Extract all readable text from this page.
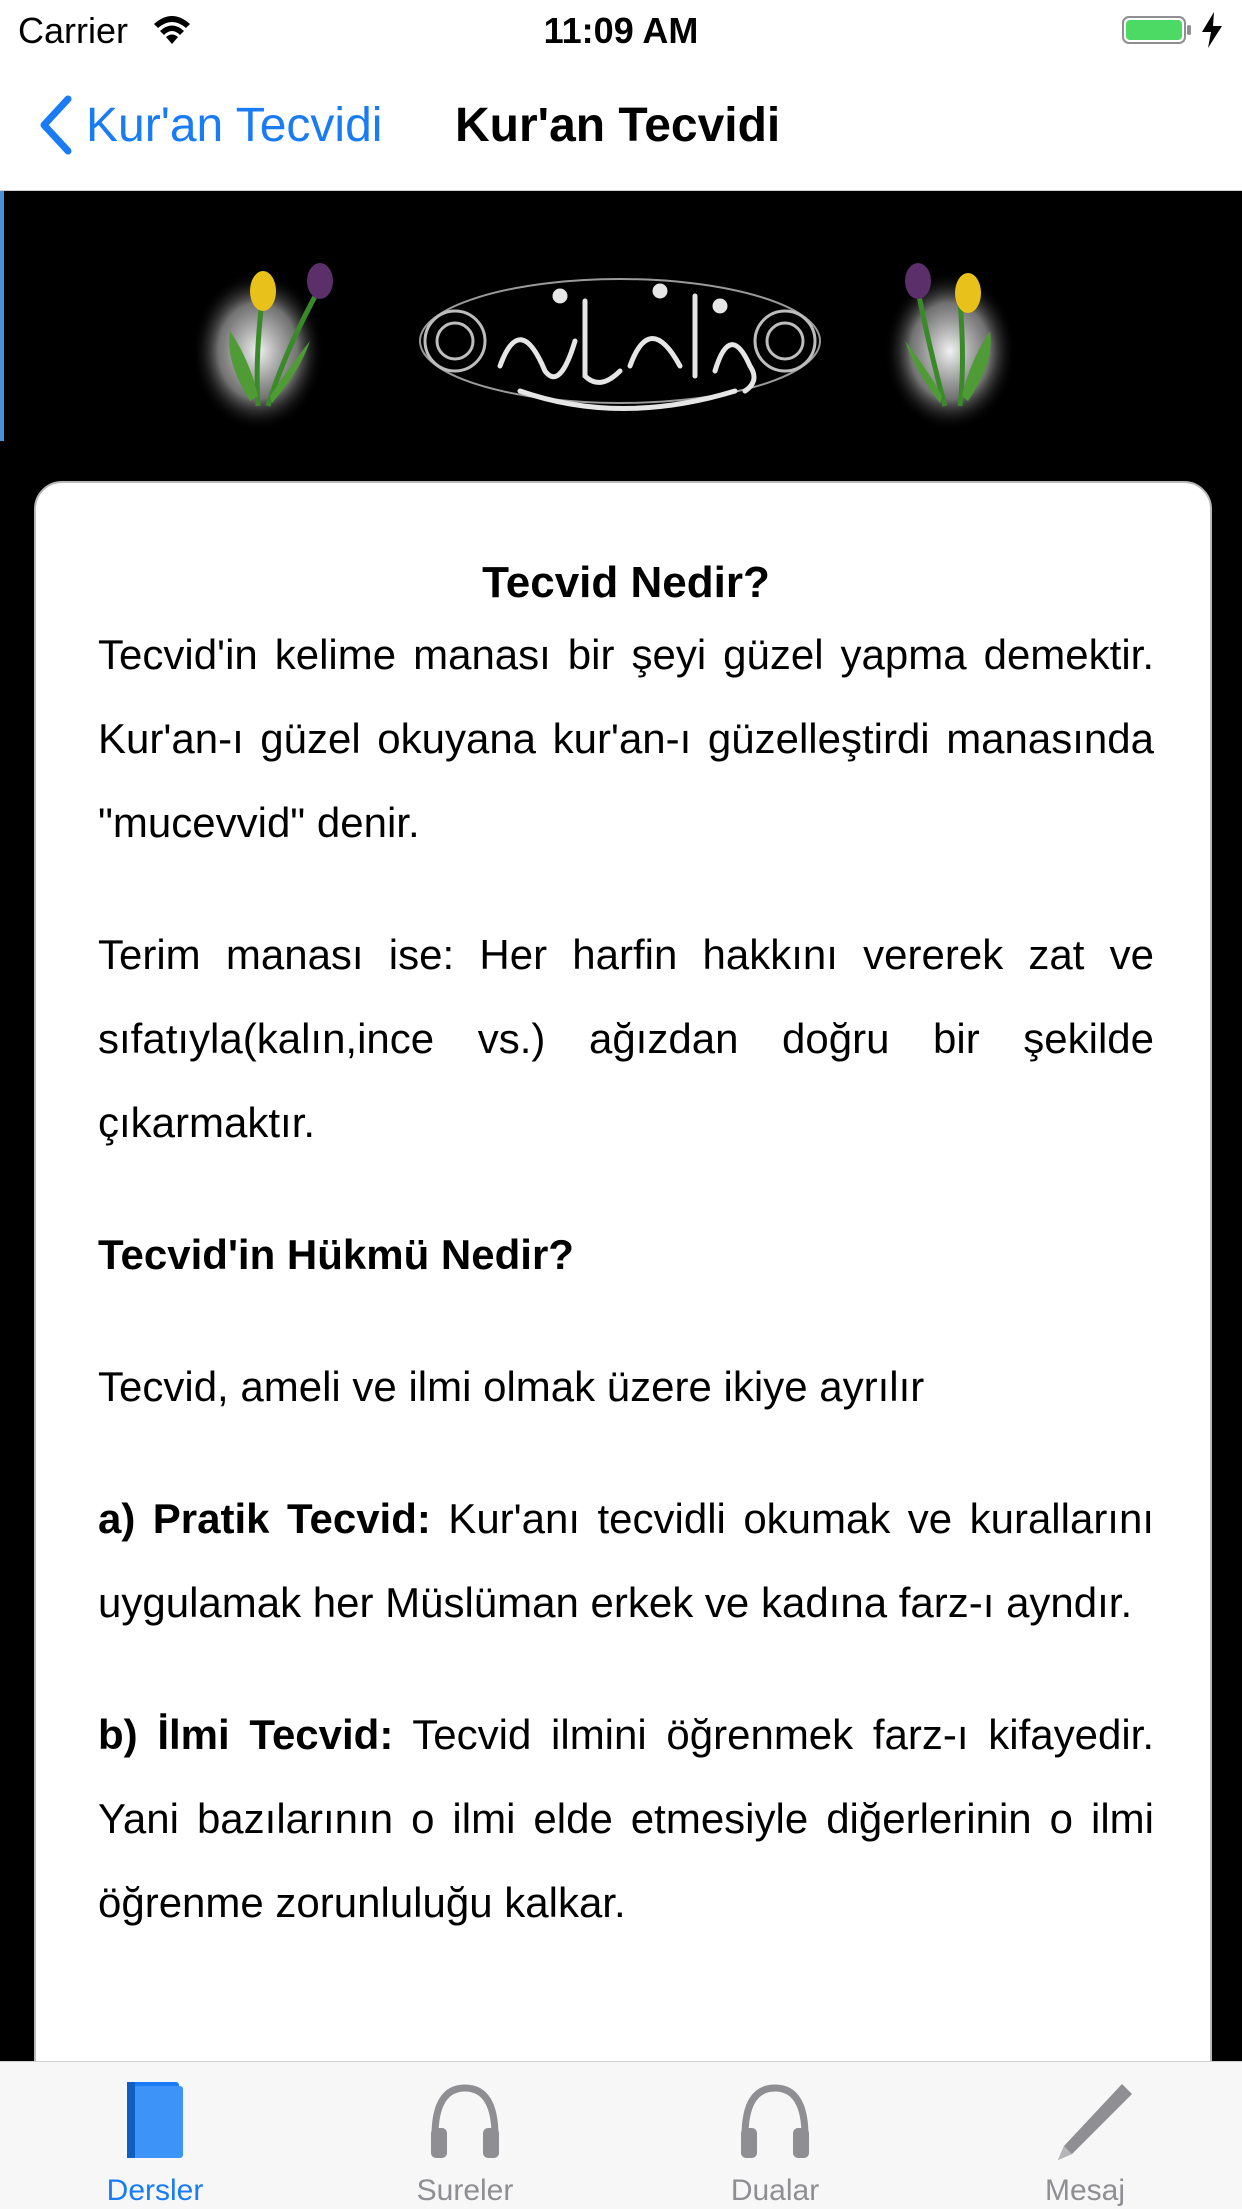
Carrier	11:09 AM
Kur'an Tecvidi Kur'an Tecvidi
Tecvid Nedir?

Tecvid'in kelime manası bir şeyi güzel yapma demektir. Kur'an-ı güzel okuyana kur'an-ı güzelleştirdi manasında "mucevvid" denir.

Terim manası ise: Her harfin hakkını vererek zat ve sıfatıyla(kalın,ince vs.) ağızdan doğru bir şekilde çıkarmaktır.

Tecvid'in Hükmü Nedir?

Tecvid, ameli ve ilmi olmak üzere ikiye ayrılır

a) Pratik Tecvid: Kur'anı tecvidli okumak ve kurallarını uygulamak her Müslüman erkek ve kadına farz-ı ayndır.

b) İlmi Tecvid: Tecvid ilmini öğrenmek farz-ı kifayedir. Yani bazılarının o ilmi elde etmesiyle diğerlerinin o ilmi öğrenme zorunluluğu kalkar.

Dersler	Sureler	Dualar	Mesaj
